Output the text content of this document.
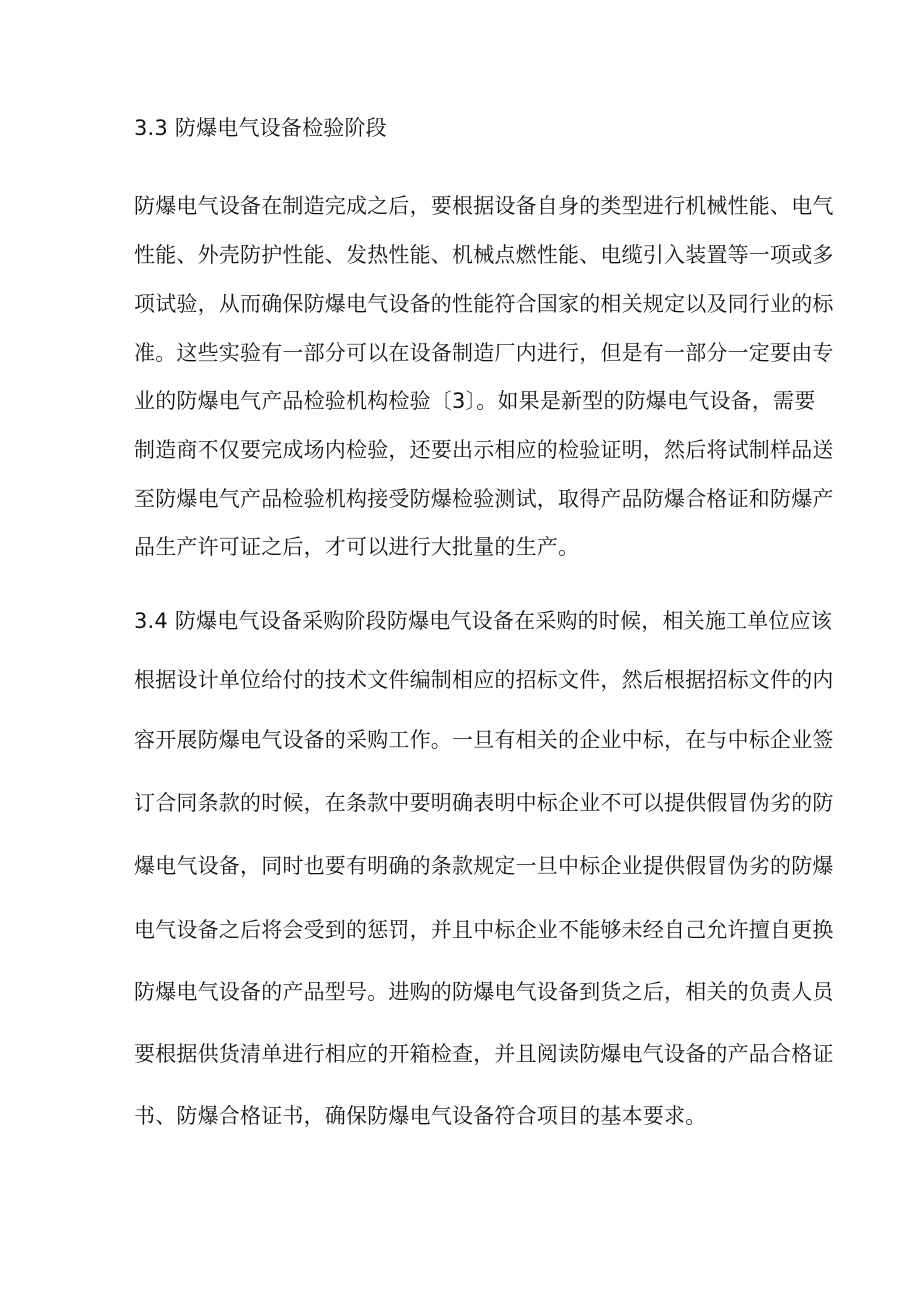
3.3 防爆电气设备检验阶段
防爆电气设备在制造完成之后，要根据设备自身的类型进行机械性能、电气
性能、外壳防护性能、发热性能、机械点燃性能、电缆引入装置等一项或多
项试验，从而确保防爆电气设备的性能符合国家的相关规定以及同行业的标
准。这些实验有一部分可以在设备制造厂内进行，但是有一部分一定要由专
业的防爆电气产品检验机构检验〔3〕。如果是新型的防爆电气设备，需要
制造商不仅要完成场内检验，还要出示相应的检验证明，然后将试制样品送
至防爆电气产品检验机构接受防爆检验测试，取得产品防爆合格证和防爆产
品生产许可证之后，才可以进行大批量的生产。
3.4 防爆电气设备采购阶段防爆电气设备在采购的时候，相关施工单位应该
根据设计单位给付的技术文件编制相应的招标文件，然后根据招标文件的内
容开展防爆电气设备的采购工作。一旦有相关的企业中标，在与中标企业签
订合同条款的时候，在条款中要明确表明中标企业不可以提供假冒伪劣的防
爆电气设备，同时也要有明确的条款规定一旦中标企业提供假冒伪劣的防爆
电气设备之后将会受到的惩罚，并且中标企业不能够未经自己允许擅自更换
防爆电气设备的产品型号。进购的防爆电气设备到货之后，相关的负责人员
要根据供货清单进行相应的开箱检查，并且阅读防爆电气设备的产品合格证
书、防爆合格证书，确保防爆电气设备符合项目的基本要求。
